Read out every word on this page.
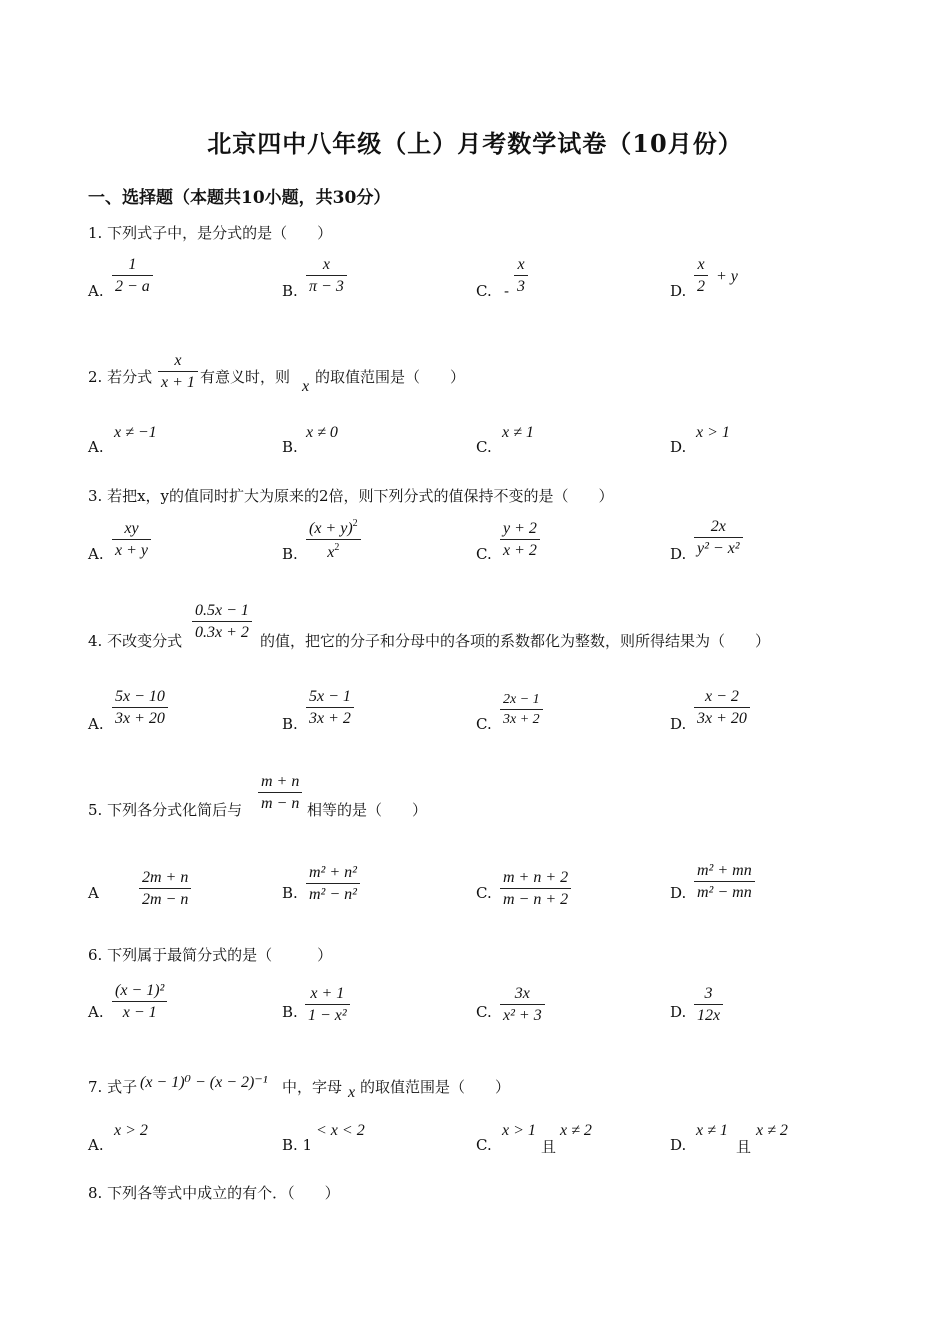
北京四中八年级（上）月考数学试卷（10月份）
一、选择题（本题共10小题，共30分）
1. 下列式子中，是分式的是（　　）
A. $\frac{1}{2 - a}$	B. $\frac{x}{\pi - 3}$	C. - $\frac{x}{3}$	D. $\frac{x}{2} + y$
2. 若分式 $\frac{x}{x + 1}$ 有意义时，则
x
的取值范围是（　　）
A.
x ≠ −1
B.
x ≠ 0
C.
x ≠ 1
D.
x > 1
3. 若把x，y的值同时扩大为原来的2倍，则下列分式的值保持不变的是（　　）
A. $\frac{xy}{x + y}$	B. $\frac{(x + y)^2}{x^2}$	C. $\frac{y + 2}{x + 2}$	D. $\frac{2x}{\text{y² − x²}}$
4. 不改变分式 $\frac{0.5x - 1}{0.3x + 2}$ 的值，把它的分子和分母中的各项的系数都化为整数，则所得结果为（　　）
A. $\frac{5x - 10}{3x + 20}$	B. $\frac{5x - 1}{3x + 2}$	C. $\frac{2x - 1}{3x + 2}$	D. $\frac{x - 2}{3x + 20}$
5. 下列各分式化简后与 $\frac{m + n}{m - n}$ 相等的是（　　）
A	$\frac{2m + n}{2m - n}$	B. $\frac{\text{m² + n²}}{\text{m² − n²}}$	C. $\frac{m + n + 2}{m - n + 2}$	D. $\frac{\text{m² + mn}}{\text{m² − mn}}$
6. 下列属于最简分式的是（　　　）
A. $\frac{\text{(x − 1)²}}{x - 1}$	B. $\frac{x + 1}{\text{1 − x²}}$	C. $\frac{3x}{\text{x² + 3}}$	D. $\frac{3}{12x}$
7. 式子 (x − 1)⁰ − (x − 2)⁻¹ 中，字母 x 的取值范围是（　　）
A.
x > 2
B. 1
< x < 2
C.
x > 1
且
x ≠ 2
D.
x ≠ 1
且
x ≠ 2
8. 下列各等式中成立的有个．（　　）
